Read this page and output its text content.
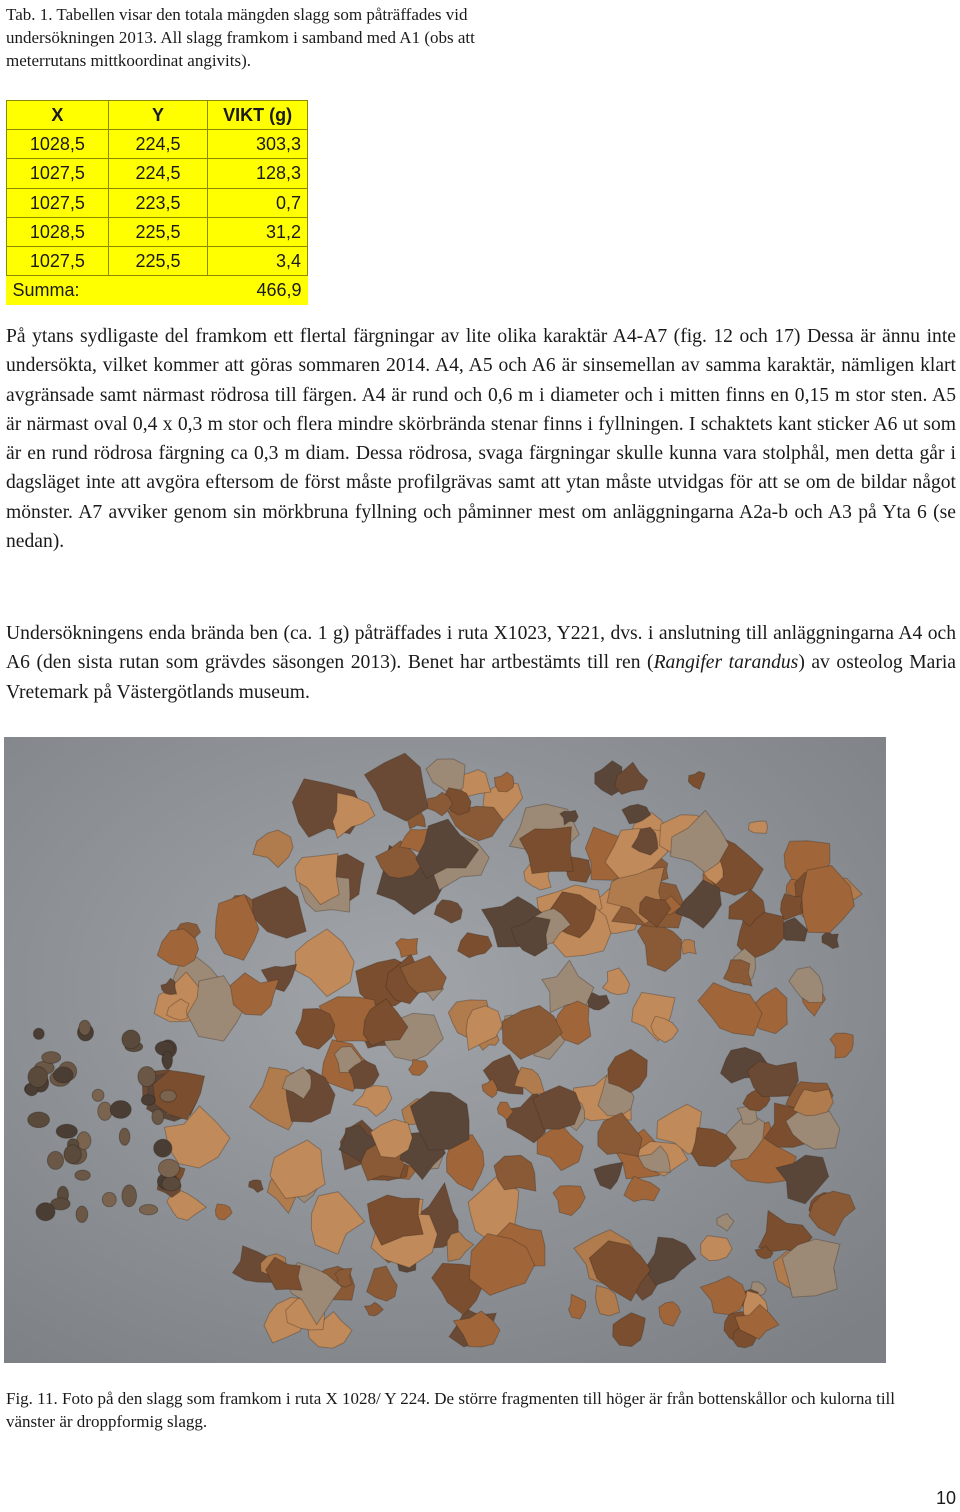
Tab. 1. Tabellen visar den totala mängden slagg som påträffades vid undersökningen 2013. All slagg framkom i samband med A1 (obs att meterrutans mittkoordinat angivits).

X	Y	VIKT (g)
1028,5	224,5	303,3
1027,5	224,5	128,3
1027,5	223,5	0,7
1028,5	225,5	31,2
1027,5	225,5	3,4
Summa:		466,9

På ytans sydligaste del framkom ett flertal färgningar av lite olika karaktär A4-A7 (fig. 12 och 17) Dessa är ännu inte undersökta, vilket kommer att göras sommaren 2014. A4, A5 och A6 är sinsemellan av samma karaktär, nämligen klart avgränsade samt närmast rödrosa till färgen. A4 är rund och 0,6 m i diameter och i mitten finns en 0,15 m stor sten. A5 är närmast oval 0,4 x 0,3 m stor och flera mindre skörbrända stenar finns i fyllningen. I schaktets kant sticker A6 ut som är en rund rödrosa färgning ca 0,3 m diam. Dessa rödrosa, svaga färgningar skulle kunna vara stolphål, men detta går i dagsläget inte att avgöra eftersom de först måste profilgrävas samt att ytan måste utvidgas för att se om de bildar något mönster. A7 avviker genom sin mörkbruna fyllning och påminner mest om anläggningarna A2a-b och A3 på Yta 6 (se nedan).

Undersökningens enda brända ben (ca. 1 g) påträffades i ruta X1023, Y221, dvs. i anslutning till anläggningarna A4 och A6 (den sista rutan som grävdes säsongen 2013). Benet har artbestämts till ren (Rangifer tarandus) av osteolog Maria Vretemark på Västergötlands museum.

Fig. 11. Foto på den slagg som framkom i ruta X 1028/ Y 224. De större fragmenten till höger är från bottenskållor och kulorna till vänster är droppformig slagg.

10
